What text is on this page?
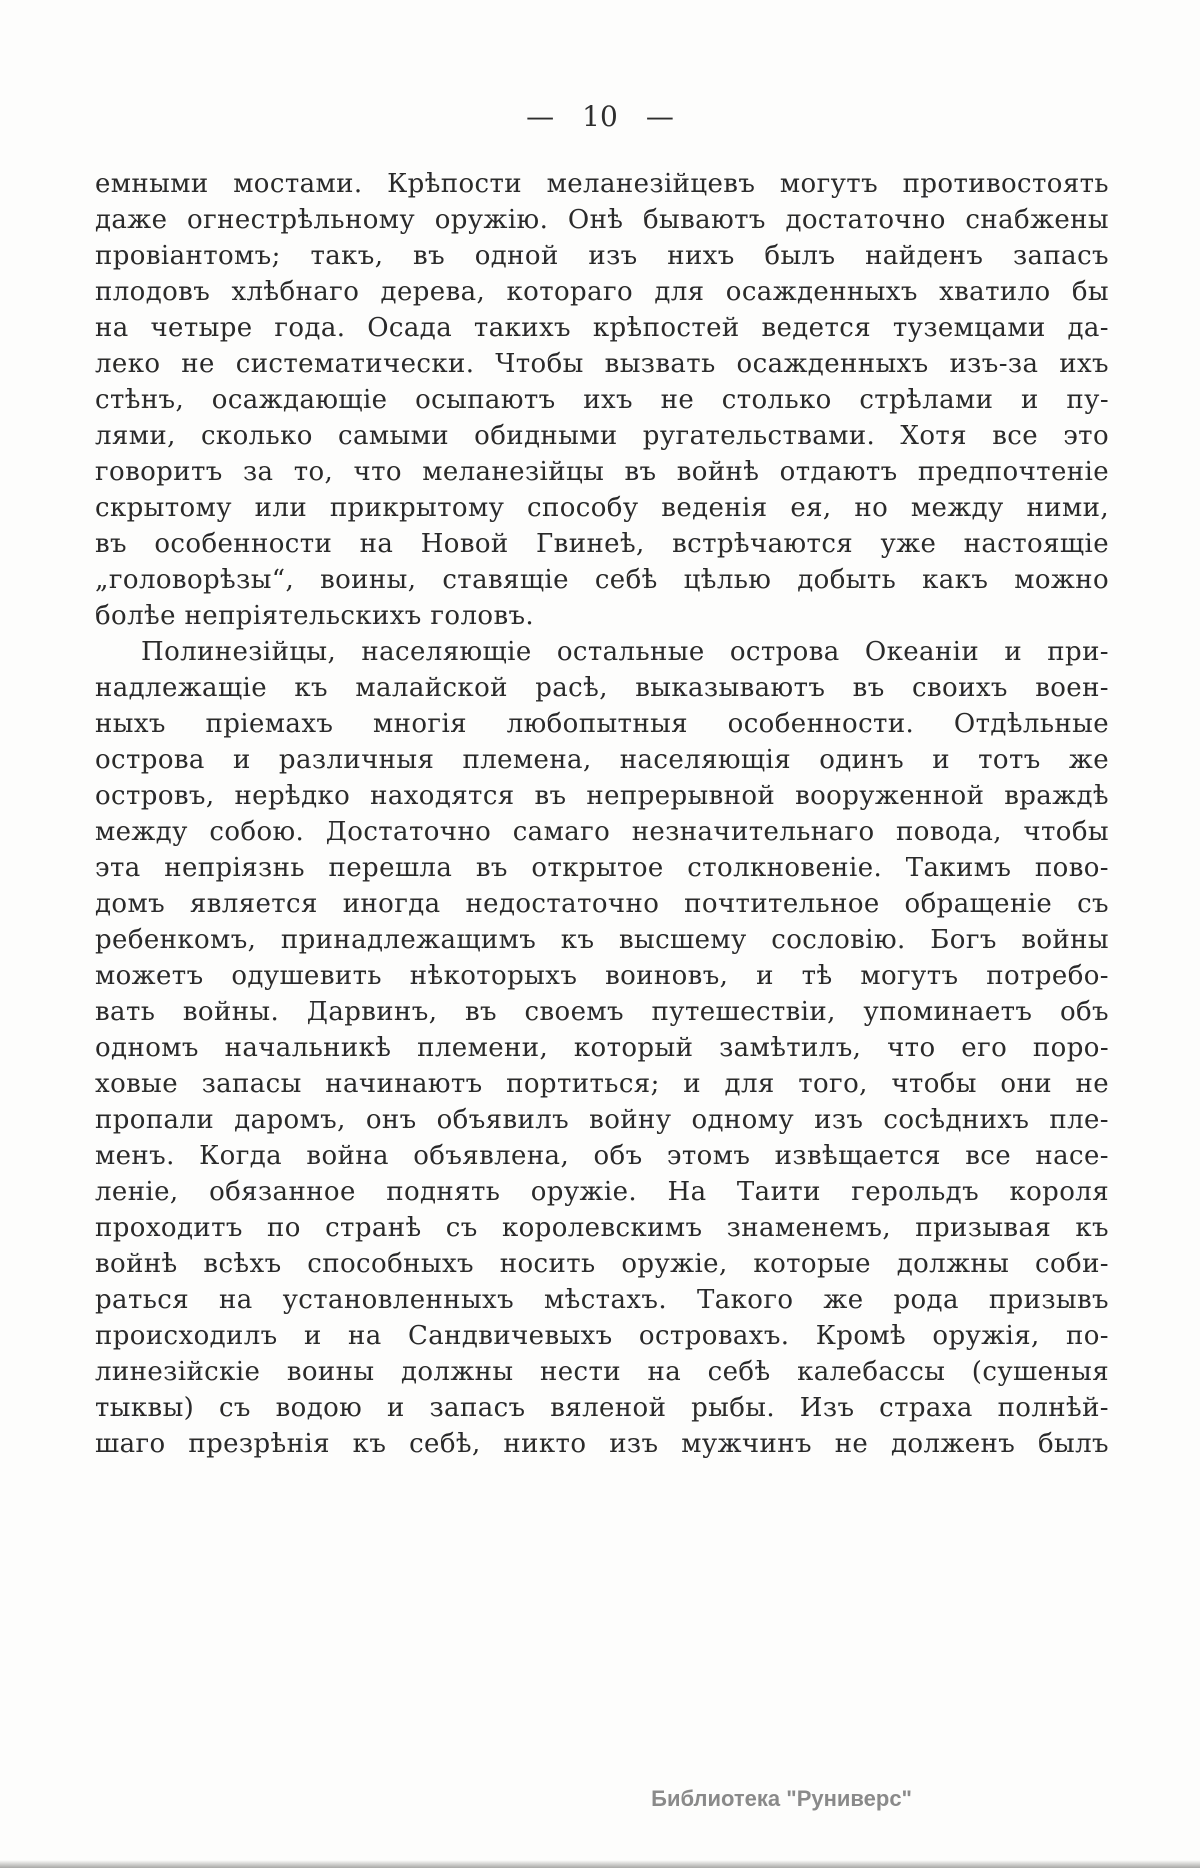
— 10 —
емными мостами. Крѣпости меланезійцевъ могутъ противостоять
даже огнестрѣльному оружію. Онѣ бываютъ достаточно снабжены
провіантомъ; такъ, въ одной изъ нихъ былъ найденъ запасъ
плодовъ хлѣбнаго дерева, котораго для осажденныхъ хватило бы
на четыре года. Осада такихъ крѣпостей ведется туземцами да-
леко не систематически. Чтобы вызвать осажденныхъ изъ-за ихъ
стѣнъ, осаждающіе осыпаютъ ихъ не столько стрѣлами и пу-
лями, сколько самыми обидными ругательствами. Хотя все это
говоритъ за то, что меланезійцы въ войнѣ отдаютъ предпочтеніе
скрытому или прикрытому способу веденія ея, но между ними,
въ особенности на Новой Гвинеѣ, встрѣчаются уже настоящіе
„головорѣзы“, воины, ставящіе себѣ цѣлью добыть какъ можно
болѣе непріятельскихъ головъ.
Полинезійцы, населяющіе остальные острова Океаніи и при-
надлежащіе къ малайской расѣ, выказываютъ въ своихъ воен-
ныхъ пріемахъ многія любопытныя особенности. Отдѣльные
острова и различныя племена, населяющія одинъ и тотъ же
островъ, нерѣдко находятся въ непрерывной вооруженной враждѣ
между собою. Достаточно самаго незначительнаго повода, чтобы
эта непріязнь перешла въ открытое столкновеніе. Такимъ пово-
домъ является иногда недостаточно почтительное обращеніе съ
ребенкомъ, принадлежащимъ къ высшему сословію. Богъ войны
можетъ одушевить нѣкоторыхъ воиновъ, и тѣ могутъ потребо-
вать войны. Дарвинъ, въ своемъ путешествіи, упоминаетъ объ
одномъ начальникѣ племени, который замѣтилъ, что его поро-
ховые запасы начинаютъ портиться; и для того, чтобы они не
пропали даромъ, онъ объявилъ войну одному изъ сосѣднихъ пле-
менъ. Когда война объявлена, объ этомъ извѣщается все насе-
леніе, обязанное поднять оружіе. На Таити герольдъ короля
проходитъ по странѣ съ королевскимъ знаменемъ, призывая къ
войнѣ всѣхъ способныхъ носить оружіе, которые должны соби-
раться на установленныхъ мѣстахъ. Такого же рода призывъ
происходилъ и на Сандвичевыхъ островахъ. Кромѣ оружія, по-
линезійскіе воины должны нести на себѣ калебассы (сушеныя
тыквы) съ водою и запасъ вяленой рыбы. Изъ страха полнѣй-
шаго презрѣнія къ себѣ, никто изъ мужчинъ не долженъ былъ
Библиотека "Руниверс"
